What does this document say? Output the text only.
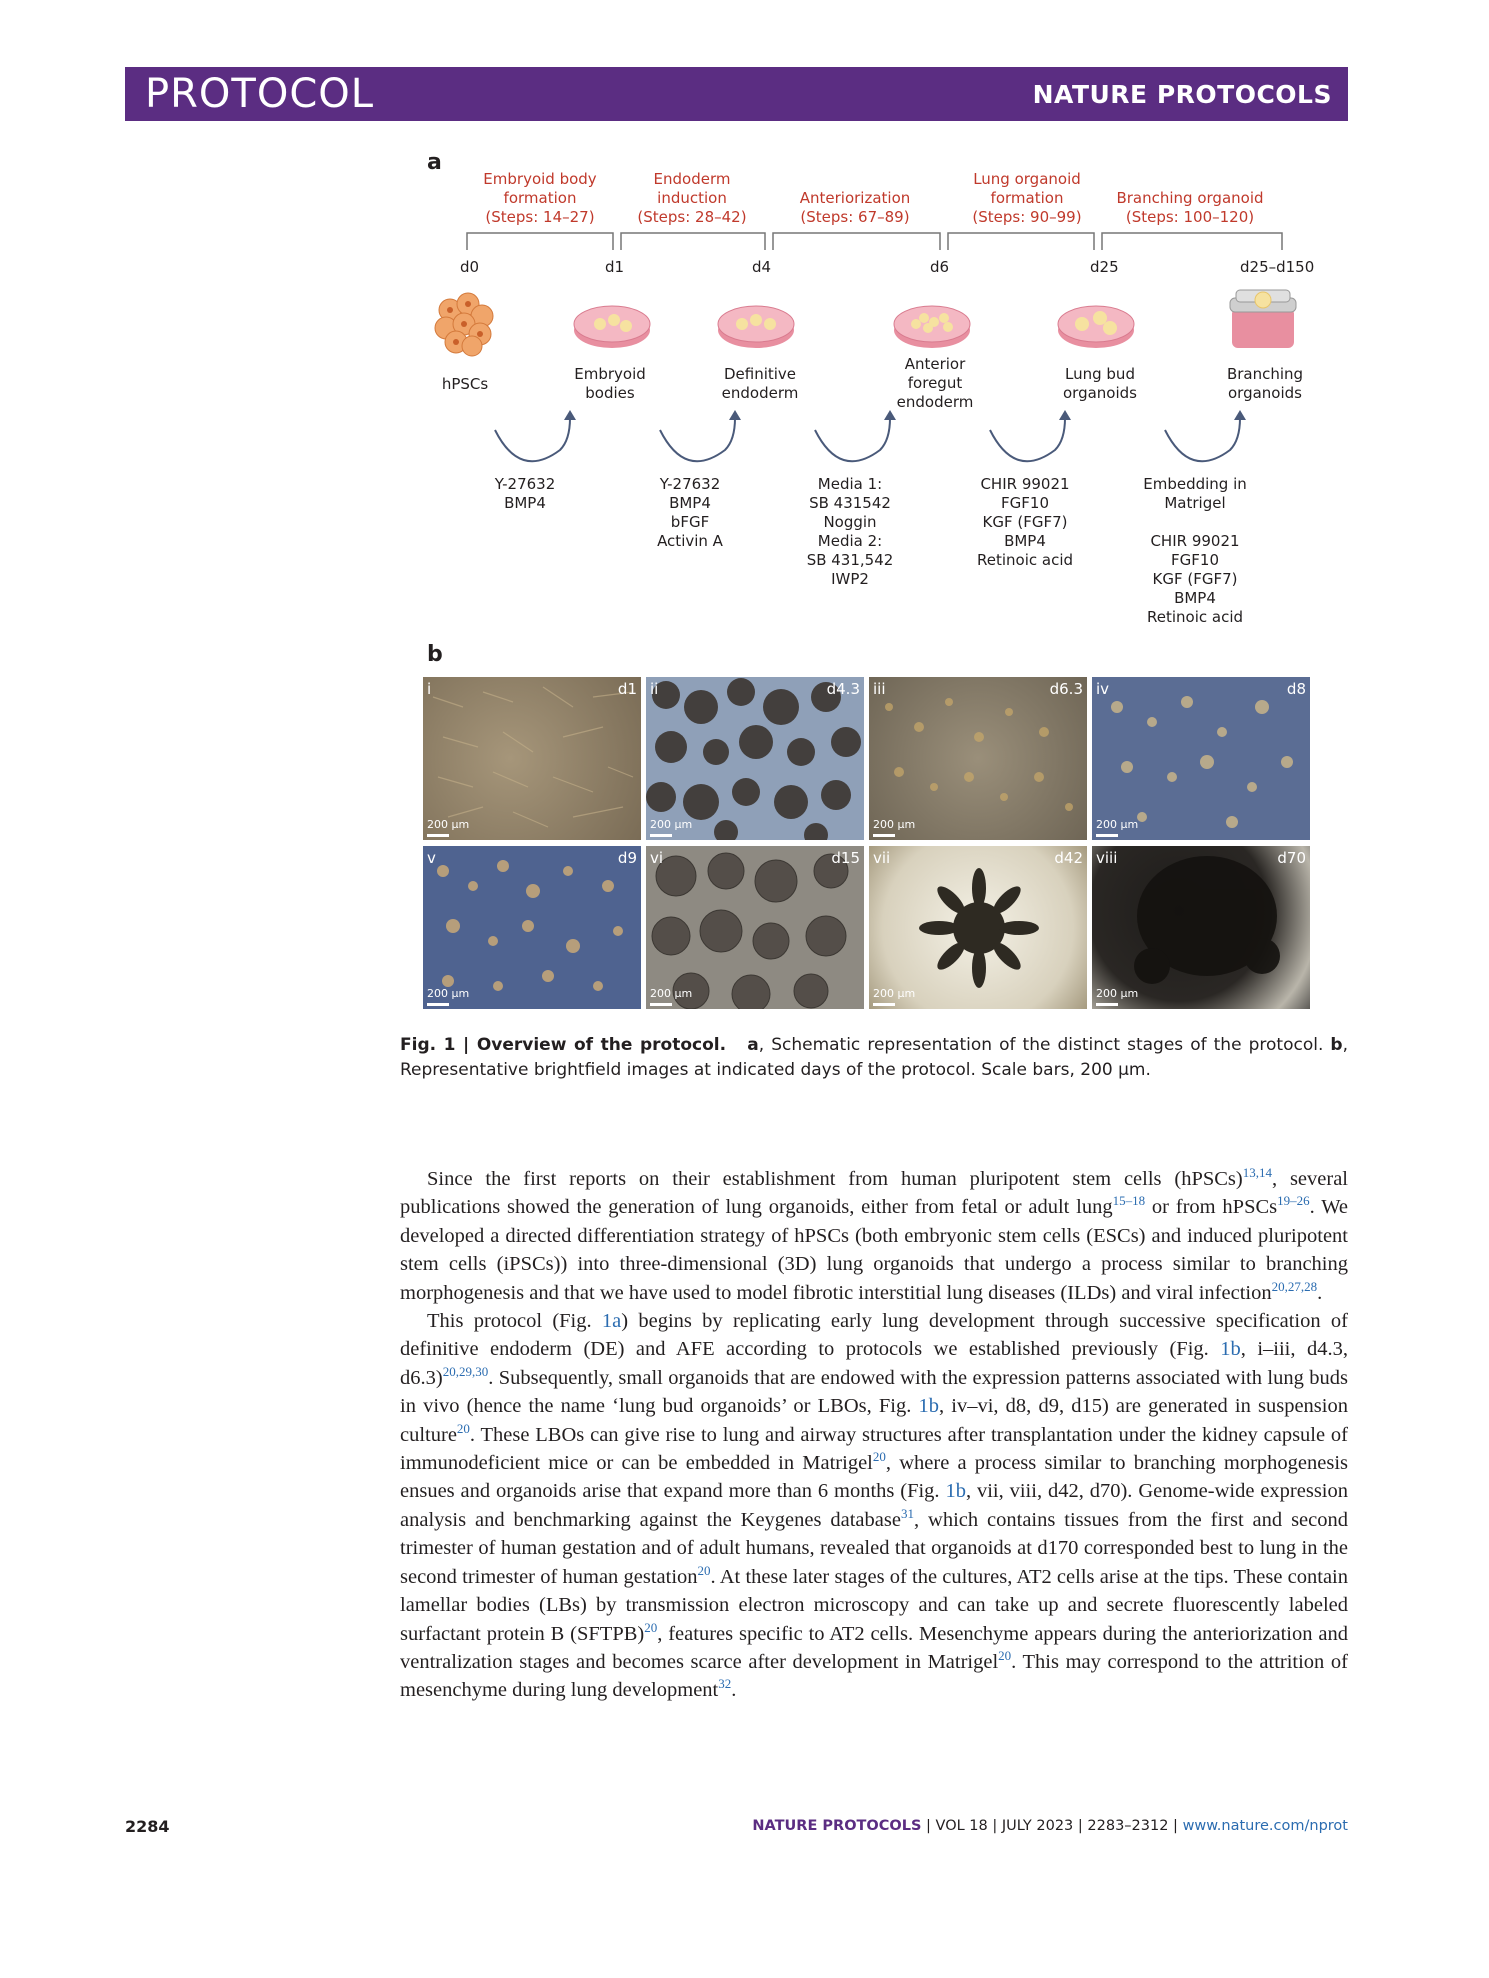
PROTOCOL	NATURE PROTOCOLS
a
Embryoid body
formation
(Steps: 14–27)
Endoderm
induction
(Steps: 28–42)
Anteriorization
(Steps: 67–89)
Lung organoid
formation
(Steps: 90–99)
Branching organoid
(Steps: 100–120)
d0	d1	d4	d6	d25	d25–d150
hPSCs
Embryoid
bodies
Definitive
endoderm
Anterior
foregut
endoderm
Lung bud
organoids
Branching
organoids
Y-27632
BMP4
Y-27632
BMP4
bFGF
Activin A
Media 1:
SB 431542
Noggin
Media 2:
SB 431,542
IWP2
CHIR 99021
FGF10
KGF (FGF7)
BMP4
Retinoic acid
Embedding in
Matrigel

CHIR 99021
FGF10
KGF (FGF7)
BMP4
Retinoic acid
b
i	d1
200 µm
ii	d4.3
200 µm
iii	d6.3
200 µm
iv	d8
200 µm
v	d9
200 µm
vi	d15
200 µm
vii	d42
200 µm
viii	d70
200 µm
Fig. 1 | Overview of the protocol. a, Schematic representation of the distinct stages of the protocol. b, Representative brightfield images at indicated days of the protocol. Scale bars, 200 µm.

Since the first reports on their establishment from human pluripotent stem cells (hPSCs)$^{13,14}$, several publications showed the generation of lung organoids, either from fetal or adult lung$^{15-18}$ or from hPSCs$^{19-26}$. We developed a directed differentiation strategy of hPSCs (both embryonic stem cells (ESCs) and induced pluripotent stem cells (iPSCs)) into three-dimensional (3D) lung organoids that undergo a process similar to branching morphogenesis and that we have used to model fibrotic interstitial lung diseases (ILDs) and viral infection$^{20,27,28}$.

This protocol (Fig. 1a) begins by replicating early lung development through successive specification of definitive endoderm (DE) and AFE according to protocols we established previously (Fig. 1b, i–iii, d4.3, d6.3)$^{20,29,30}$. Subsequently, small organoids that are endowed with the expression patterns associated with lung buds in vivo (hence the name ‘lung bud organoids’ or LBOs, Fig. 1b, iv–vi, d8, d9, d15) are generated in suspension culture$^{20}$. These LBOs can give rise to lung and airway structures after transplantation under the kidney capsule of immunodeficient mice or can be embedded in Matrigel$^{20}$, where a process similar to branching morphogenesis ensues and organoids arise that expand more than 6 months (Fig. 1b, vii, viii, d42, d70). Genome-wide expression analysis and benchmarking against the Keygenes database$^{31}$, which contains tissues from the first and second trimester of human gestation and of adult humans, revealed that organoids at d170 corresponded best to lung in the second trimester of human gestation$^{20}$. At these later stages of the cultures, AT2 cells arise at the tips. These contain lamellar bodies (LBs) by transmission electron microscopy and can take up and secrete fluorescently labeled surfactant protein B (SFTPB)$^{20}$, features specific to AT2 cells. Mesenchyme appears during the anteriorization and ventralization stages and becomes scarce after development in Matrigel$^{20}$. This may correspond to the attrition of mesenchyme during lung development$^{32}$.

2284	NATURE PROTOCOLS | VOL 18 | JULY 2023 | 2283–2312 | www.nature.com/nprot
